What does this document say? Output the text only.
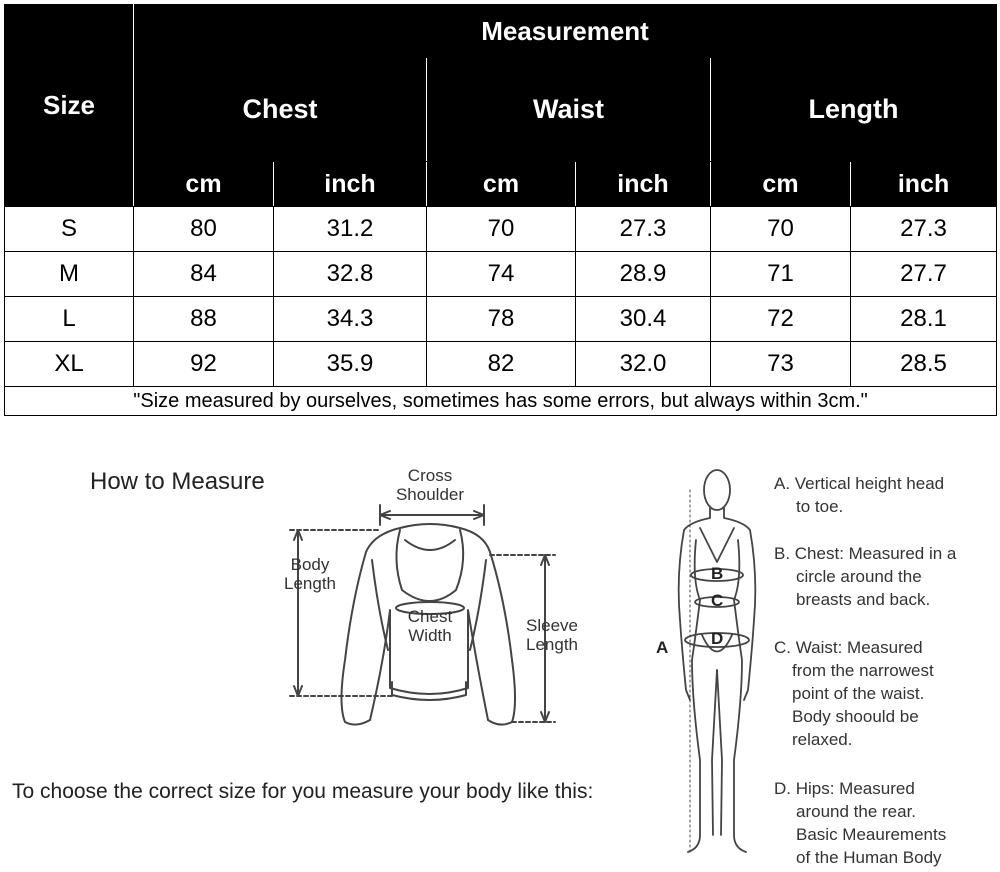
Size	Measurement					
	Chest		Waist		Length	
	cm	inch	cm	inch	cm	inch
S	80	31.2	70	27.3	70	27.3
M	84	32.8	74	28.9	71	27.7
L	88	34.3	78	30.4	72	28.1
XL	92	35.9	82	32.0	73	28.5
"Size measured by ourselves, sometimes has some errors, but always within 3cm."						
How to Measure
To choose the correct size for you measure your body like this:
Cross
Shoulder
Body
Length
Chest
Width
Sleeve
Length	A
B
C
D
A. Vertical height head
to toe.
B. Chest: Measured in a
circle around the
breasts and back.
C. Waist: Measured
from the narrowest
point of the waist.
Body shoould be
relaxed.
D. Hips: Measured
around the rear.
Basic Meaurements
of the Human Body
